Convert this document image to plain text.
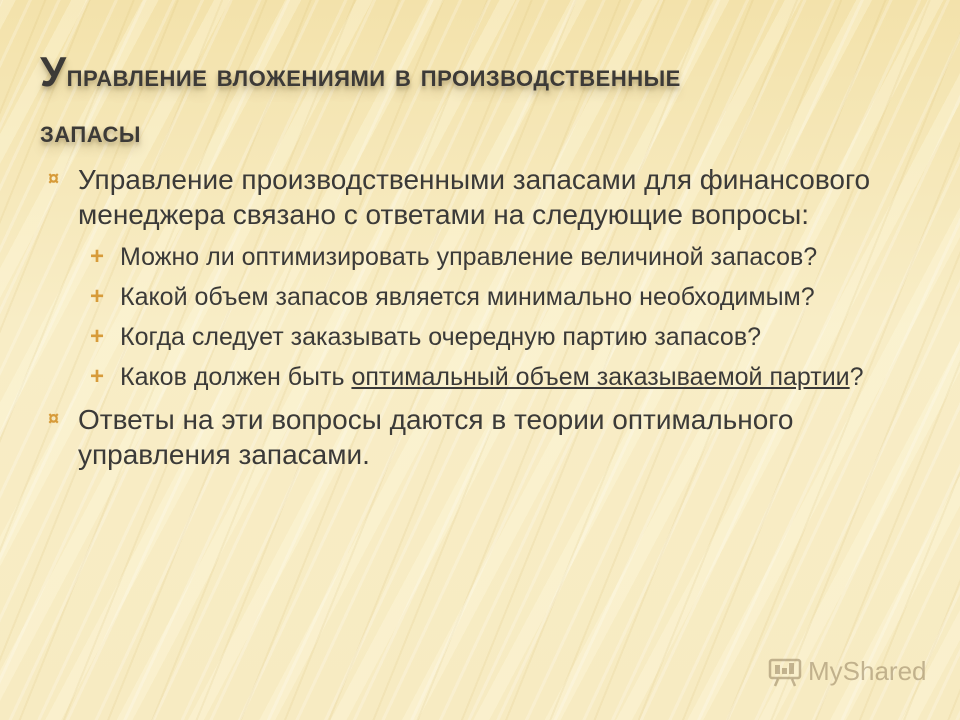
Управление вложениями в производственные
запасы
¤ Управление производственными запасами для финансового менеджера связано с ответами на следующие вопросы:
+ Можно ли оптимизировать управление величиной запасов?
+ Какой объем запасов является минимально необходимым?
+ Когда следует заказывать очередную партию запасов?
+ Каков должен быть оптимальный объем заказываемой партии?
¤ Ответы на эти вопросы даются в теории оптимального управления запасами.
MyShared
